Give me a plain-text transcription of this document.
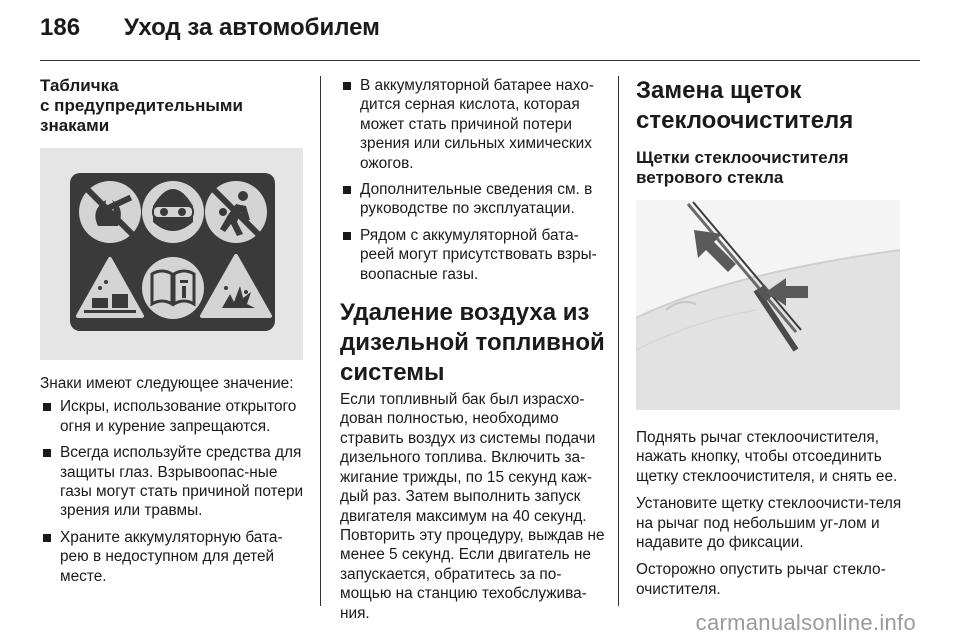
186 Уход за автомобилем
Табличка
с предупредительными
знаками

Знаки имеют следующее значение:

Искры, использование открытого огня и курение запрещаются.
Всегда используйте средства для защиты глаз. Взрывоопас-ные газы могут стать причиной потери зрения или травмы.
Храните аккумуляторную бата-рею в недоступном для детей месте.
В аккумуляторной батарее нахо-дится серная кислота, которая может стать причиной потери зрения или сильных химических ожогов.
Дополнительные сведения см. в руководстве по эксплуатации.
Рядом с аккумуляторной бата-реей могут присутствовать взры-воопасные газы.
Удаление воздуха из
дизельной топливной
системы

Если топливный бак был израсхо-дован полностью, необходимо стравить воздух из системы подачи дизельного топлива. Включить за-жигание трижды, по 15 секунд каж-дый раз. Затем выполнить запуск двигателя максимум на 40 секунд. Повторить эту процедуру, выждав не менее 5 секунд. Если двигатель не запускается, обратитесь за по-мощью на станцию техобслужива-ния.

Замена щеток
стеклоочистителя
Щетки стеклоочистителя
ветрового стекла

Поднять рычаг стеклоочистителя, нажать кнопку, чтобы отсоединить щетку стеклоочистителя, и снять ее.

Установите щетку стеклоочисти-теля на рычаг под небольшим уг-лом и надавите до фиксации.

Осторожно опустить рычаг стекло-очистителя.

carmanualsonline.info
